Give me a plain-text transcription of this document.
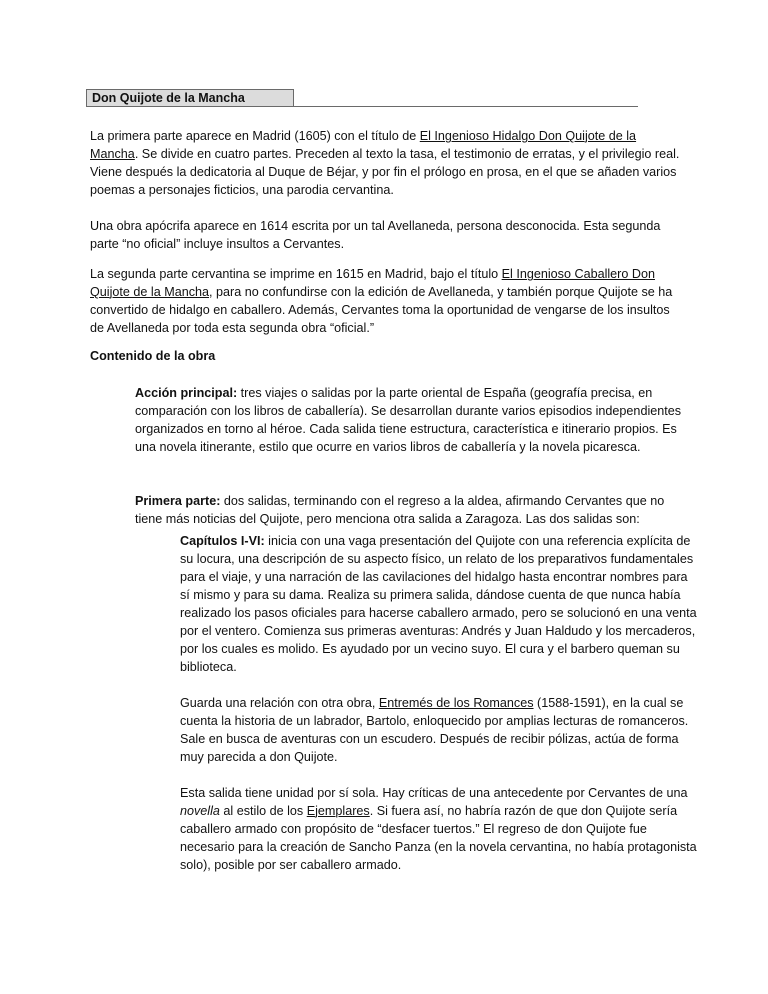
Don Quijote de la Mancha

La primera parte aparece en Madrid (1605) con el título de El Ingenioso Hidalgo Don Quijote de la Mancha. Se divide en cuatro partes. Preceden al texto la tasa, el testimonio de erratas, y el privilegio real. Viene después la dedicatoria al Duque de Béjar, y por fin el prólogo en prosa, en el que se añaden varios poemas a personajes ficticios, una parodia cervantina.

Una obra apócrifa aparece en 1614 escrita por un tal Avellaneda, persona desconocida. Esta segunda parte “no oficial” incluye insultos a Cervantes.

La segunda parte cervantina se imprime en 1615 en Madrid, bajo el título El Ingenioso Caballero Don Quijote de la Mancha, para no confundirse con la edición de Avellaneda, y también porque Quijote se ha convertido de hidalgo en caballero. Además, Cervantes toma la oportunidad de vengarse de los insultos de Avellaneda por toda esta segunda obra “oficial.”

Contenido de la obra

Acción principal: tres viajes o salidas por la parte oriental de España (geografía precisa, en comparación con los libros de caballería). Se desarrollan durante varios episodios independientes organizados en torno al héroe. Cada salida tiene estructura, característica e itinerario propios. Es una novela itinerante, estilo que ocurre en varios libros de caballería y la novela picaresca.

Primera parte: dos salidas, terminando con el regreso a la aldea, afirmando Cervantes que no tiene más noticias del Quijote, pero menciona otra salida a Zaragoza. Las dos salidas son:

Capítulos I-VI: inicia con una vaga presentación del Quijote con una referencia explícita de su locura, una descripción de su aspecto físico, un relato de los preparativos fundamentales para el viaje, y una narración de las cavilaciones del hidalgo hasta encontrar nombres para sí mismo y para su dama. Realiza su primera salida, dándose cuenta de que nunca había realizado los pasos oficiales para hacerse caballero armado, pero se solucionó en una venta por el ventero. Comienza sus primeras aventuras: Andrés y Juan Haldudo y los mercaderos, por los cuales es molido. Es ayudado por un vecino suyo. El cura y el barbero queman su biblioteca.

Guarda una relación con otra obra, Entremés de los Romances (1588-1591), en la cual se cuenta la historia de un labrador, Bartolo, enloquecido por amplias lecturas de romanceros. Sale en busca de aventuras con un escudero. Después de recibir pólizas, actúa de forma muy parecida a don Quijote.

Esta salida tiene unidad por sí sola. Hay críticas de una antecedente por Cervantes de una novella al estilo de los Ejemplares. Si fuera así, no habría razón de que don Quijote sería caballero armado con propósito de “desfacer tuertos.” El regreso de don Quijote fue necesario para la creación de Sancho Panza (en la novela cervantina, no había protagonista solo), posible por ser caballero armado.
